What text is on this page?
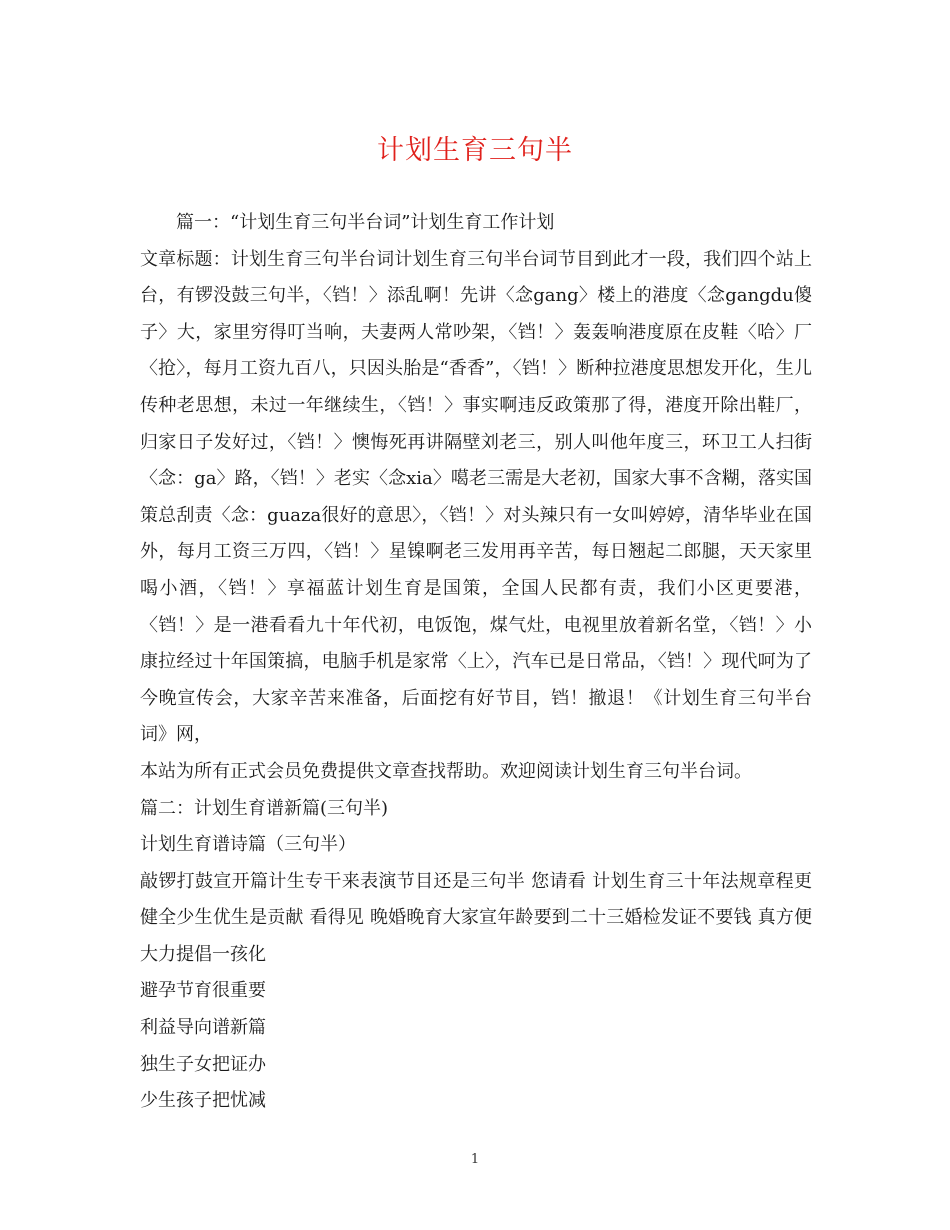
计划生育三句半

篇一：“计划生育三句半台词”计划生育工作计划

文章标题：计划生育三句半台词计划生育三句半台词节目到此才一段，我们四个站上台，有锣没鼓三句半，〈铛！〉添乱啊！先讲〈念gang〉楼上的港度〈念gangdu傻子〉大，家里穷得叮当响，夫妻两人常吵架，〈铛！〉轰轰响港度原在皮鞋〈哈〉厂〈抢〉，每月工资九百八，只因头胎是“香香”，〈铛！〉断种拉港度思想发开化，生儿传种老思想，未过一年继续生，〈铛！〉事实啊违反政策那了得，港度开除出鞋厂，归家日子发好过，〈铛！〉懊悔死再讲隔壁刘老三，别人叫他年度三，环卫工人扫街〈念：ga〉路，〈铛！〉老实〈念xia〉噶老三需是大老初，国家大事不含糊，落实国策总刮责〈念：guaza很好的意思〉，〈铛！〉对头辣只有一女叫婷婷，清华毕业在国外，每月工资三万四，〈铛！〉星镍啊老三发用再辛苦，每日翘起二郎腿，天天家里喝小酒，〈铛！〉享福蓝计划生育是国策，全国人民都有责，我们小区更要港，〈铛！〉是一港看看九十年代初，电饭饱，煤气灶，电视里放着新名堂，〈铛！〉小康拉经过十年国策搞，电脑手机是家常〈上〉，汽车已是日常品，〈铛！〉现代呵为了今晚宣传会，大家辛苦来准备，后面挖有好节目，铛！撤退！《计划生育三句半台词》网，

本站为所有正式会员免费提供文章查找帮助。欢迎阅读计划生育三句半台词。

篇二：计划生育谱新篇(三句半)

计划生育谱诗篇（三句半）

敲锣打鼓宣开篇计生专干来表演节目还是三句半 您请看 计划生育三十年法规章程更健全少生优生是贡献 看得见 晚婚晚育大家宣年龄要到二十三婚检发证不要钱 真方便 大力提倡一孩化

避孕节育很重要

利益导向谱新篇

独生子女把证办

少生孩子把忧减

1
